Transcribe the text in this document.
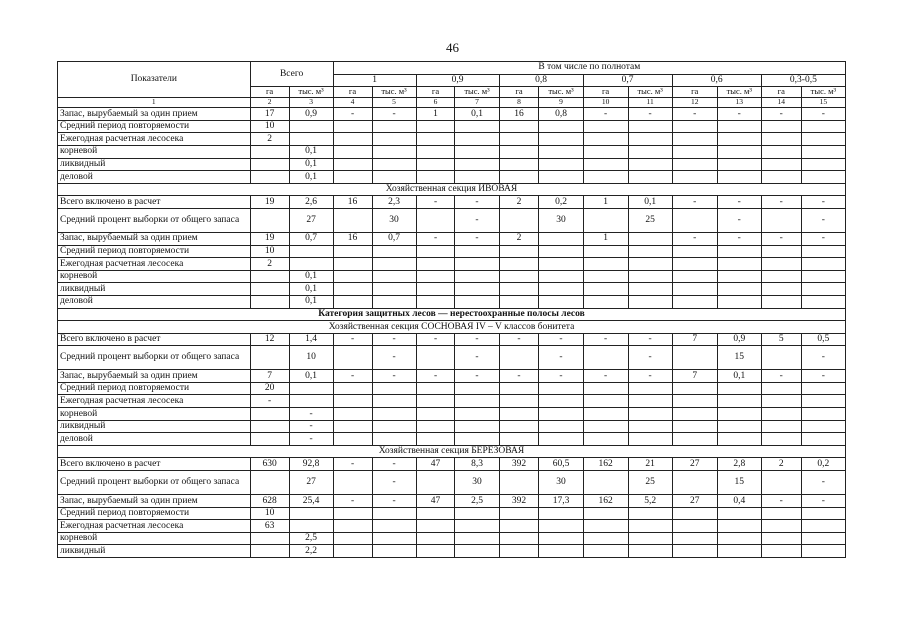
46
Показатели	Всего		В том числе по полнотам											
			1		0,9		0,8		0,7		0,6		0,3-0,5	
	га	тыс. м³	га	тыс. м³	га	тыс. м³	га	тыс. м³	га	тыс. м³	га	тыс. м³	га	тыс. м³
1	2	3	4	5	6	7	8	9	10	11	12	13	14	15
Запас, вырубаемый за один прием	17	0,9	-	-	1	0,1	16	0,8	-	-	-	-	-	-
Средний период повторяемости	10													
Ежегодная расчетная лесосека	2													
корневой		0,1												
ликвидный		0,1												
деловой		0,1												
Хозяйственная секция ИВОВАЯ														
Всего включено в расчет	19	2,6	16	2,3	-	-	2	0,2	1	0,1	-	-	-	-
Средний процент выборки от общего запаса		27		30		-		30		25		-		-
Запас, вырубаемый за один прием	19	0,7	16	0,7	-	-	2		1		-	-	-	-
Средний период повторяемости	10													
Ежегодная расчетная лесосека	2													
корневой		0,1												
ликвидный		0,1												
деловой		0,1												
Категория защитных лесов — нерестоохранные полосы лесов														
Хозяйственная секция СОСНОВАЯ IV – V классов бонитета														
Всего включено в расчет	12	1,4	-	-	-	-	-	-	-	-	7	0,9	5	0,5
Средний процент выборки от общего запаса		10		-		-		-		-		15		-
Запас, вырубаемый за один прием	7	0,1	-	-	-	-	-	-	-	-	7	0,1	-	-
Средний период повторяемости	20													
Ежегодная расчетная лесосека	-													
корневой		-												
ликвидный		-												
деловой		-												
Хозяйственная секция БЕРЕЗОВАЯ														
Всего включено в расчет	630	92,8	-	-	47	8,3	392	60,5	162	21	27	2,8	2	0,2
Средний процент выборки от общего запаса		27		-		30		30		25		15		-
Запас, вырубаемый за один прием	628	25,4	-	-	47	2,5	392	17,3	162	5,2	27	0,4	-	-
Средний период повторяемости	10													
Ежегодная расчетная лесосека	63													
корневой		2,5												
ликвидный		2,2												
